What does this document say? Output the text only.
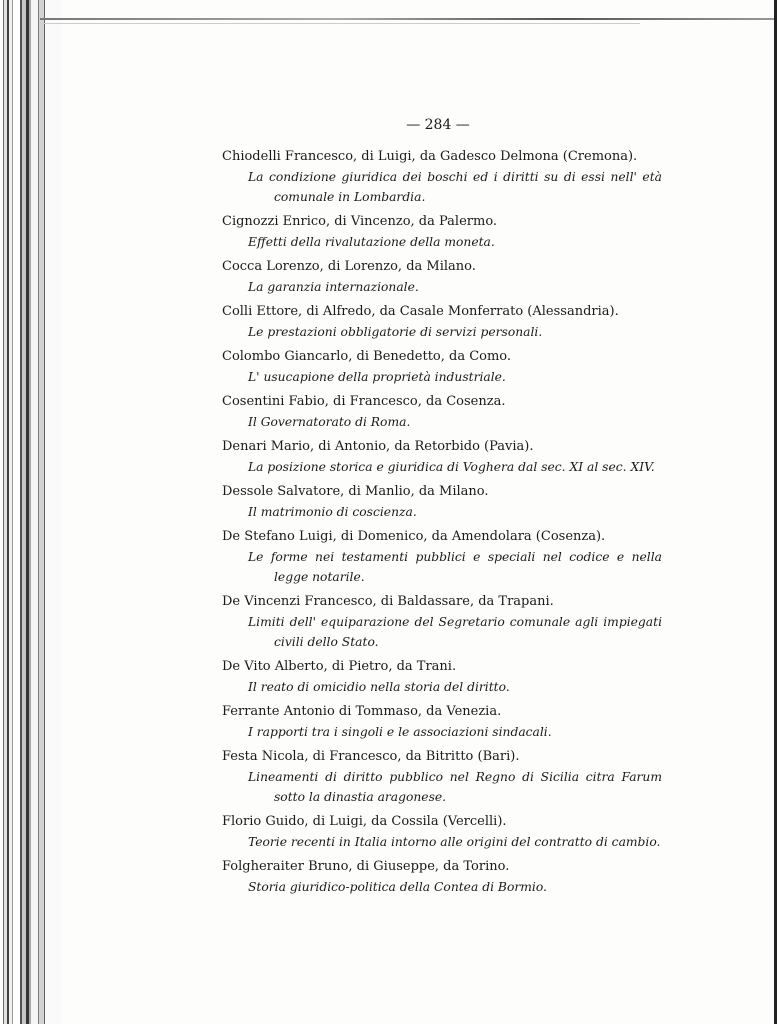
— 284 —
Chiodelli Francesco, di Luigi, da Gadesco Delmona (Cremona).
La condizione giuridica dei boschi ed i diritti su di essi nell' età comunale in Lombardia.
Cignozzi Enrico, di Vincenzo, da Palermo.
Effetti della rivalutazione della moneta.
Cocca Lorenzo, di Lorenzo, da Milano.
La garanzia internazionale.
Colli Ettore, di Alfredo, da Casale Monferrato (Alessandria).
Le prestazioni obbligatorie di servizi personali.
Colombo Giancarlo, di Benedetto, da Como.
L' usucapione della proprietà industriale.
Cosentini Fabio, di Francesco, da Cosenza.
Il Governatorato di Roma.
Denari Mario, di Antonio, da Retorbido (Pavia).
La posizione storica e giuridica di Voghera dal sec. XI al sec. XIV.
Dessole Salvatore, di Manlio, da Milano.
Il matrimonio di coscienza.
De Stefano Luigi, di Domenico, da Amendolara (Cosenza).
Le forme nei testamenti pubblici e speciali nel codice e nella legge notarile.
De Vincenzi Francesco, di Baldassare, da Trapani.
Limiti dell' equiparazione del Segretario comunale agli impiegati civili dello Stato.
De Vito Alberto, di Pietro, da Trani.
Il reato di omicidio nella storia del diritto.
Ferrante Antonio di Tommaso, da Venezia.
I rapporti tra i singoli e le associazioni sindacali.
Festa Nicola, di Francesco, da Bitritto (Bari).
Lineamenti di diritto pubblico nel Regno di Sicilia citra Farum sotto la dinastia aragonese.
Florio Guido, di Luigi, da Cossila (Vercelli).
Teorie recenti in Italia intorno alle origini del contratto di cambio.
Folgheraiter Bruno, di Giuseppe, da Torino.
Storia giuridico-politica della Contea di Bormio.
